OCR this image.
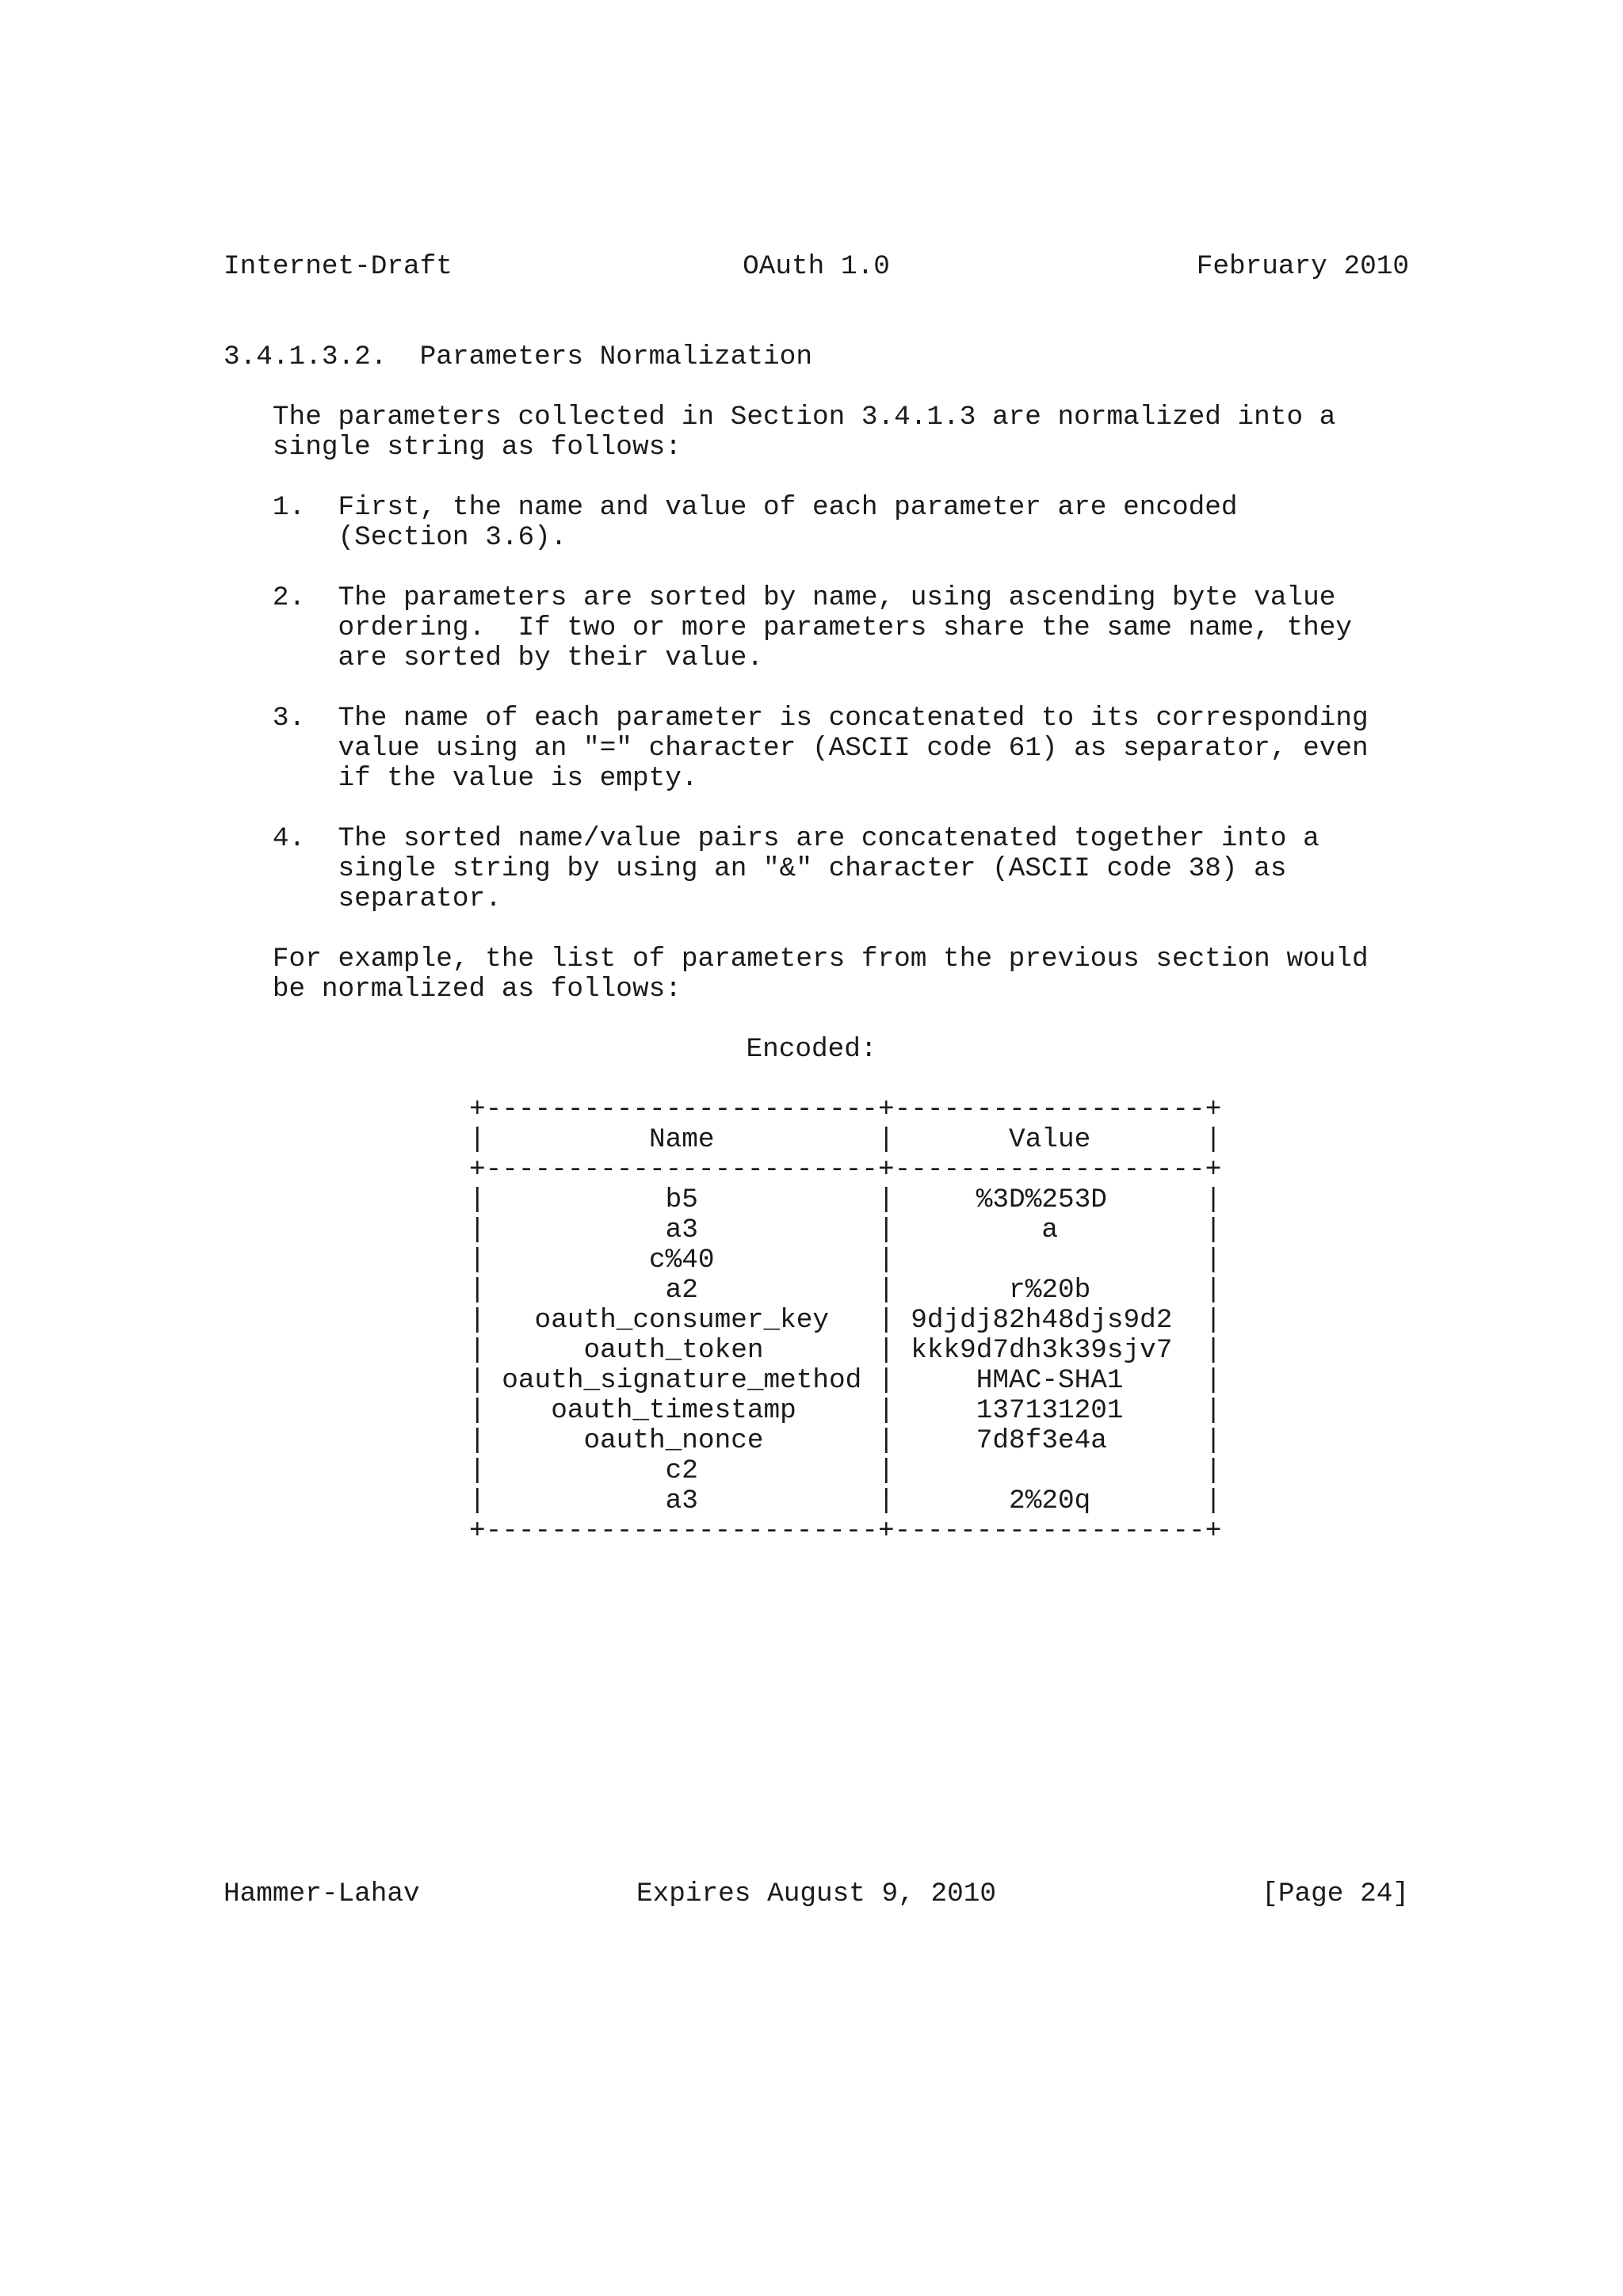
Internet-Draft

	OAuth 1.0

	February 2010

3.4.1.3.2.  Parameters Normalization

The parameters collected in Section 3.4.1.3 are normalized into a
single string as follows:

1.  First, the name and value of each parameter are encoded
(Section 3.6).

2.  The parameters are sorted by name, using ascending byte value
ordering.  If two or more parameters share the same name, they
are sorted by their value.

3.  The name of each parameter is concatenated to its corresponding
value using an "=" character (ASCII code 61) as separator, even
if the value is empty.

4.  The sorted name/value pairs are concatenated together into a
single string by using an "&" character (ASCII code 38) as
separator.

For example, the list of parameters from the previous section would
be normalized as follows:
Encoded:
+------------------------+-------------------+
|          Name          |       Value       |
+------------------------+-------------------+
|           b5           |     %3D%253D      |
|           a3           |         a         |
|          c%40          |	|
|           a2           |       r%20b       |
|   oauth_consumer_key   | 9djdj82h48djs9d2  |
|      oauth_token       | kkk9d7dh3k39sjv7  |
| oauth_signature_method |     HMAC-SHA1     |
|    oauth_timestamp     |     137131201     |
|      oauth_nonce       |     7d8f3e4a      |
|           c2           |	|
|           a3           |       2%20q       |
+------------------------+-------------------+

Hammer-Lahav

	Expires August 9, 2010

	[Page 24]
